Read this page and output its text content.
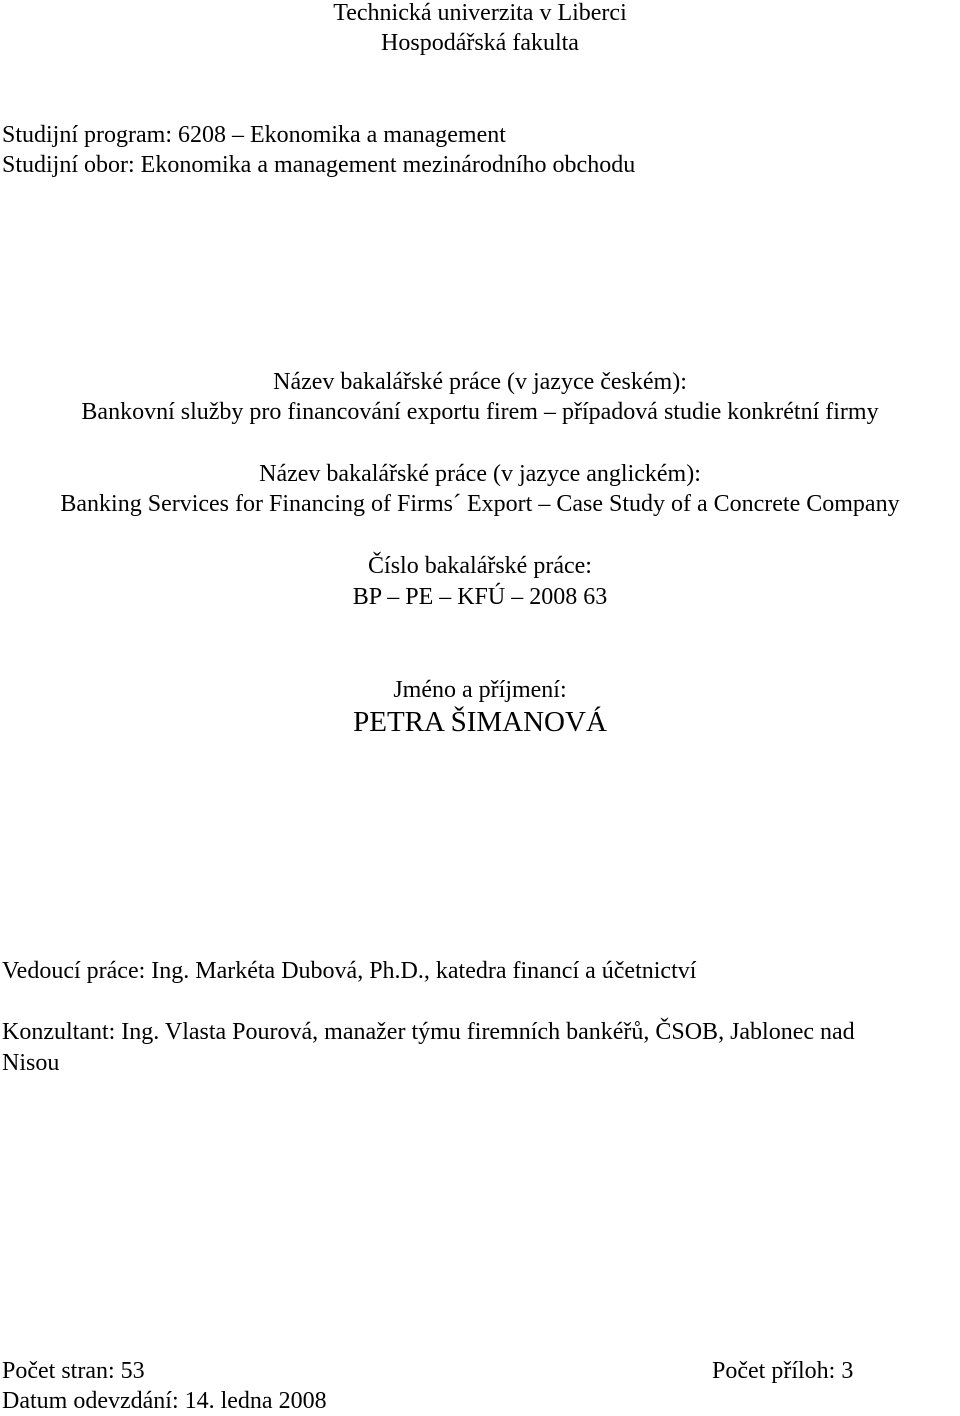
Technická univerzita v Liberci
Hospodářská fakulta
Studijní program: 6208 – Ekonomika a management
Studijní obor: Ekonomika a management mezinárodního obchodu
Název bakalářské práce (v jazyce českém):
Bankovní služby pro financování exportu firem – případová studie konkrétní firmy
Název bakalářské práce (v jazyce anglickém):
Banking Services for Financing of Firms´ Export – Case Study of a Concrete Company
Číslo bakalářské práce:
BP – PE – KFÚ – 2008 63
Jméno a příjmení:
PETRA ŠIMANOVÁ
Vedoucí práce: Ing. Markéta Dubová, Ph.D., katedra financí a účetnictví
Konzultant: Ing. Vlasta Pourová, manažer týmu firemních bankéřů, ČSOB, Jablonec nad
Nisou
Počet stran: 53	Počet příloh: 3
Datum odevzdání: 14. ledna 2008
